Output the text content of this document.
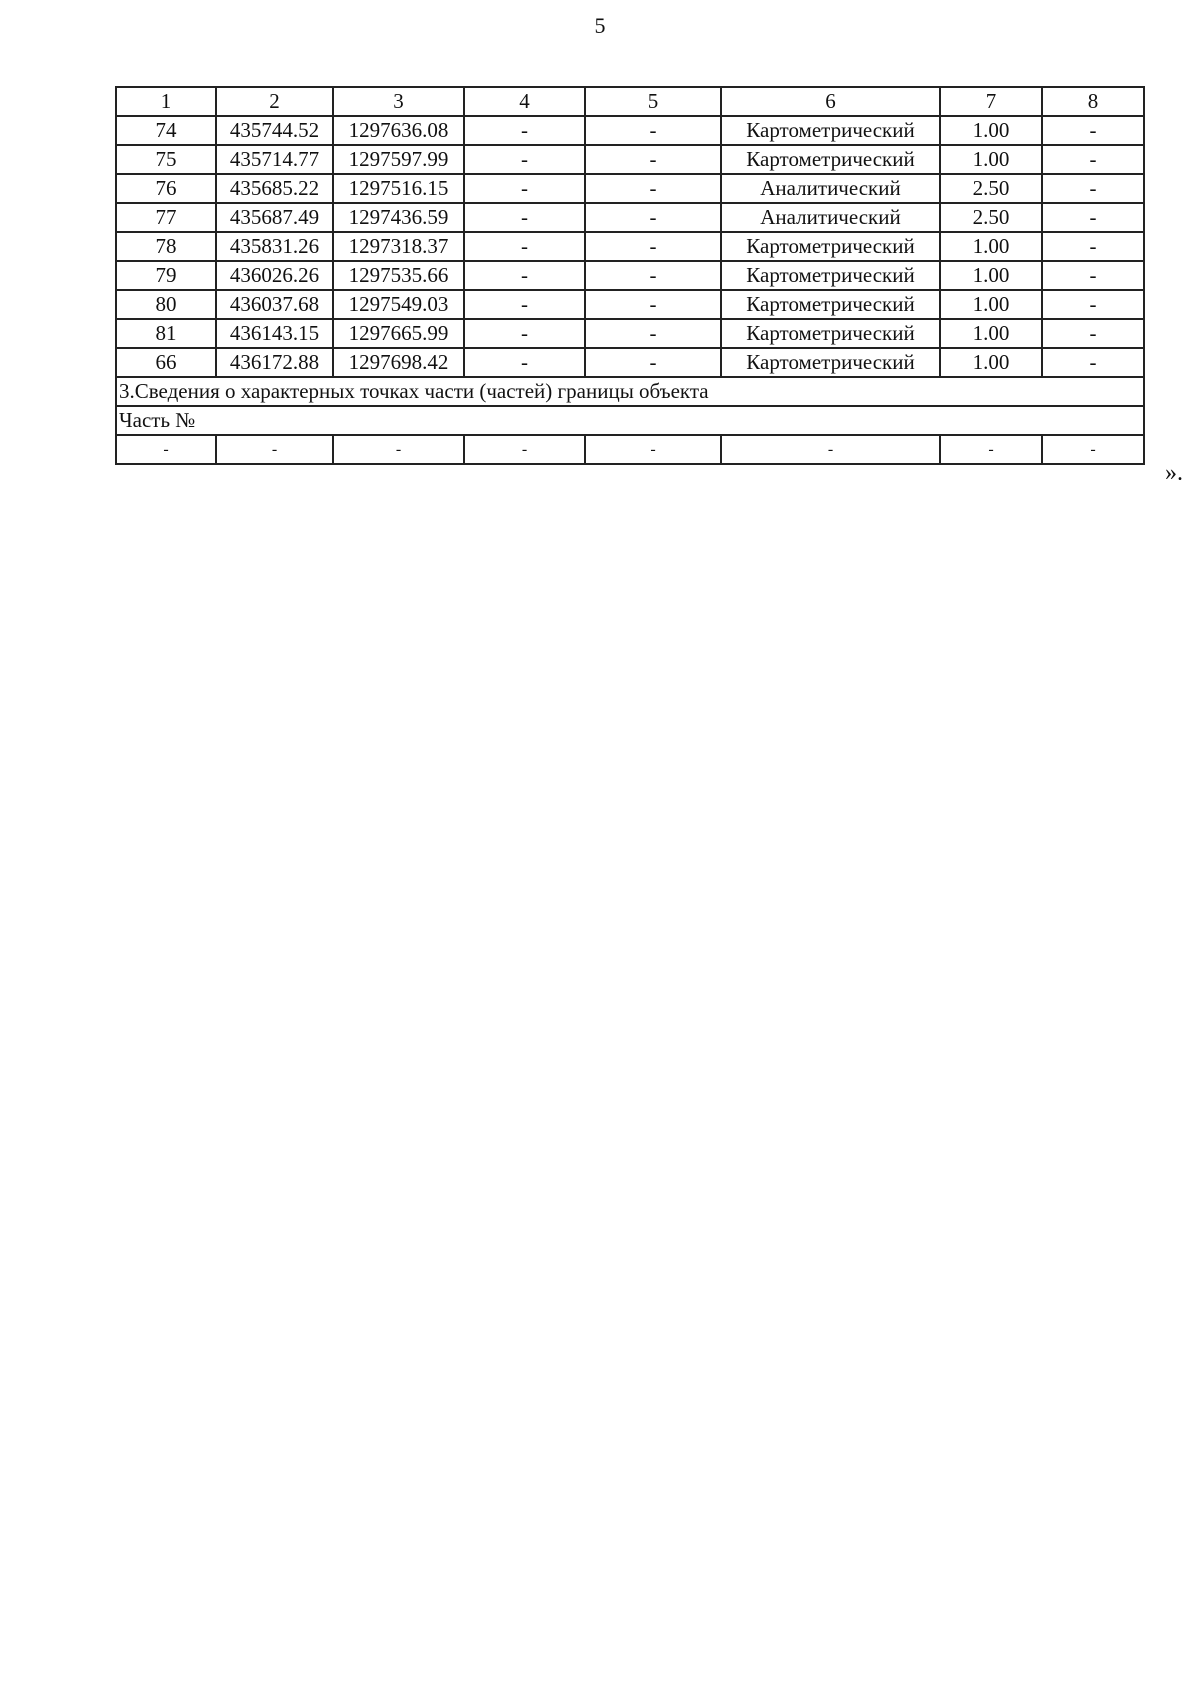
5
1	2	3	4	5	6	7	8
74	435744.52	1297636.08	-	-	Картометрический	1.00	-
75	435714.77	1297597.99	-	-	Картометрический	1.00	-
76	435685.22	1297516.15	-	-	Аналитический	2.50	-
77	435687.49	1297436.59	-	-	Аналитический	2.50	-
78	435831.26	1297318.37	-	-	Картометрический	1.00	-
79	436026.26	1297535.66	-	-	Картометрический	1.00	-
80	436037.68	1297549.03	-	-	Картометрический	1.00	-
81	436143.15	1297665.99	-	-	Картометрический	1.00	-
66	436172.88	1297698.42	-	-	Картометрический	1.00	-
3.Сведения о характерных точках части (частей) границы объекта							
Часть №							
-	-	-	-	-	-	-	-
».
